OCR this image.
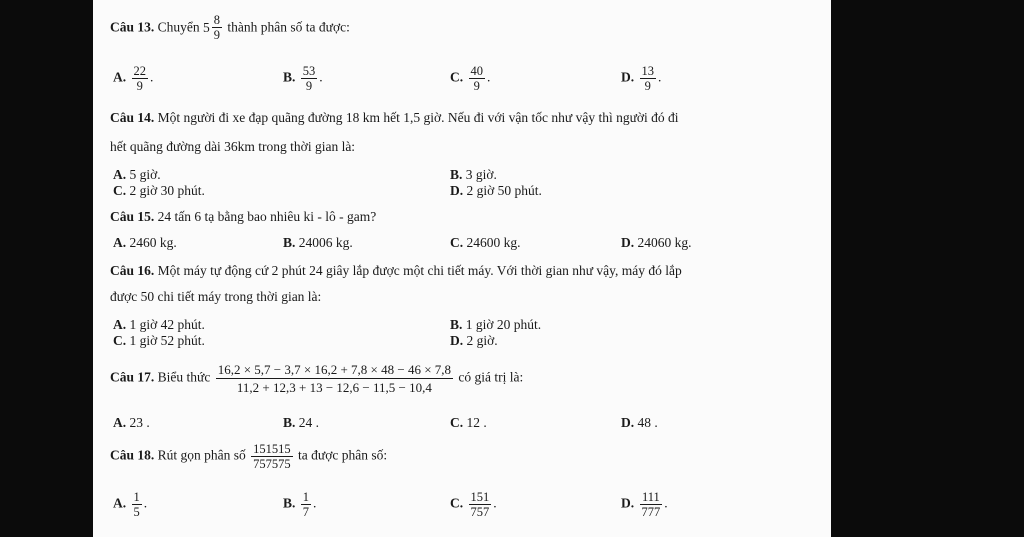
Câu 13. Chuyển $5 \frac{8}{9}$ thành phân số ta được:
A. $\frac{22}{9}$ .	B. $\frac{53}{9}$ .	C. $\frac{40}{9}$ .	D. $\frac{13}{9}$ .
Câu 14. Một người đi xe đạp quãng đường 18 km hết 1,5 giờ. Nếu đi với vận tốc như vậy thì người đó đi
hết quãng đường dài 36km trong thời gian là:
A. 5 giờ.	B. 3 giờ.
C. 2 giờ 30 phút.	D. 2 giờ 50 phút.
Câu 15. 24 tấn 6 tạ bằng bao nhiêu ki - lô - gam?
A. 2460 kg.	B. 24006 kg.	C. 24600 kg.	D. 24060 kg.
Câu 16. Một máy tự động cứ 2 phút 24 giây lắp được một chi tiết máy. Với thời gian như vậy, máy đó lắp
được 50 chi tiết máy trong thời gian là:
A. 1 giờ 42 phút.	B. 1 giờ 20 phút.
C. 1 giờ 52 phút.	D. 2 giờ.
Câu 17. Biểu thức $\frac{16,2 \times 5,7 - 3,7 \times 16,2 + 7,8 \times 48 - 46 \times 7,8}{11,2 + 12,3 + 13 - 12,6 - 11,5 - 10,4}$ có giá trị là:
A. 23 .	B. 24 .	C. 12 .	D. 48 .
Câu 18. Rút gọn phân số $\frac{151515}{757575}$ ta được phân số:
A. $\frac{1}{5}$ .	B. $\frac{1}{7}$ .	C. $\frac{151}{757}$ .	D. $\frac{111}{777}$ .
